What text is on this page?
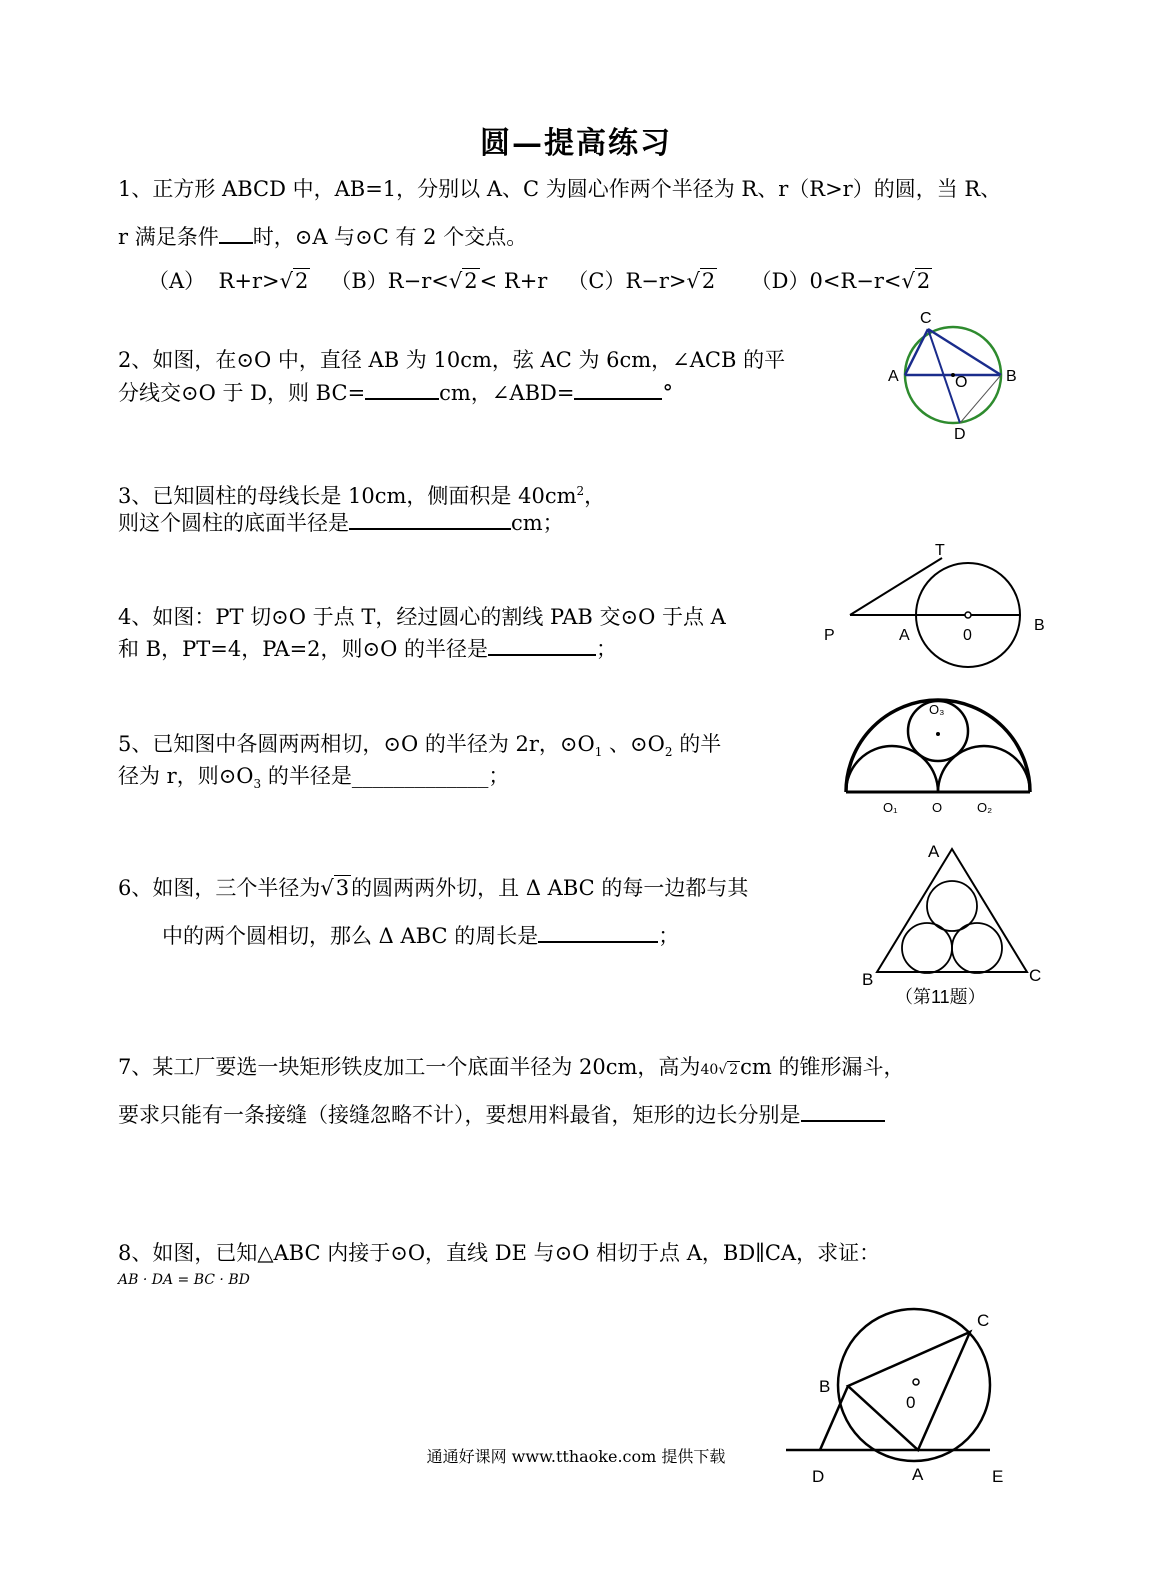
圆—提高练习
1、正方形 ABCD 中，AB=1，分别以 A、C 为圆心作两个半径为 R、r（R>r）的圆，当 R、
r 满足条件 时，⊙A 与⊙C 有 2 个交点。
（A） R+r>√2 （B）R−r<√2< R+r （C）R−r>√2 （D）0<R−r<√2
2、如图，在⊙O 中，直径 AB 为 10cm，弦 AC 为 6cm，∠ACB 的平
分线交⊙O 于 D，则 BC=	cm，∠ABD=	°
A	B
C
D
O
3、已知圆柱的母线长是 10cm，侧面积是 $40cm^2$，
则这个圆柱的底面半径是	cm；
4、如图：PT 切⊙O 于点 T，经过圆心的割线 PAB 交⊙O 于点 A
和 B，PT=4，PA=2，则⊙O 的半径是	；
T
P	A	0
B
5、已知图中各圆两两相切，⊙O 的半径为 2r，$⊙O_1$ 、$⊙O_2$ 的半
径为 r，则$⊙O_3$ 的半径是_____________；
O₃
O₁	O	O₂
6、如图，三个半径为√3的圆两两外切，且 Δ ABC 的每一边都与其
中的两个圆相切，那么 Δ ABC 的周长是	；
A
B	C
（第11题）
7、某工厂要选一块矩形铁皮加工一个底面半径为 20cm，高为40√ 2cm 的锥形漏斗，
要求只能有一条接缝（接缝忽略不计），要想用料最省，矩形的边长分别是
8、如图，已知△ABC 内接于⊙O，直线 DE 与⊙O 相切于点 A，BD∥CA，求证：
AB · DA = BC · BD
C
B
0
D	A	E
通通好课网 www.tthaoke.com 提供下载
